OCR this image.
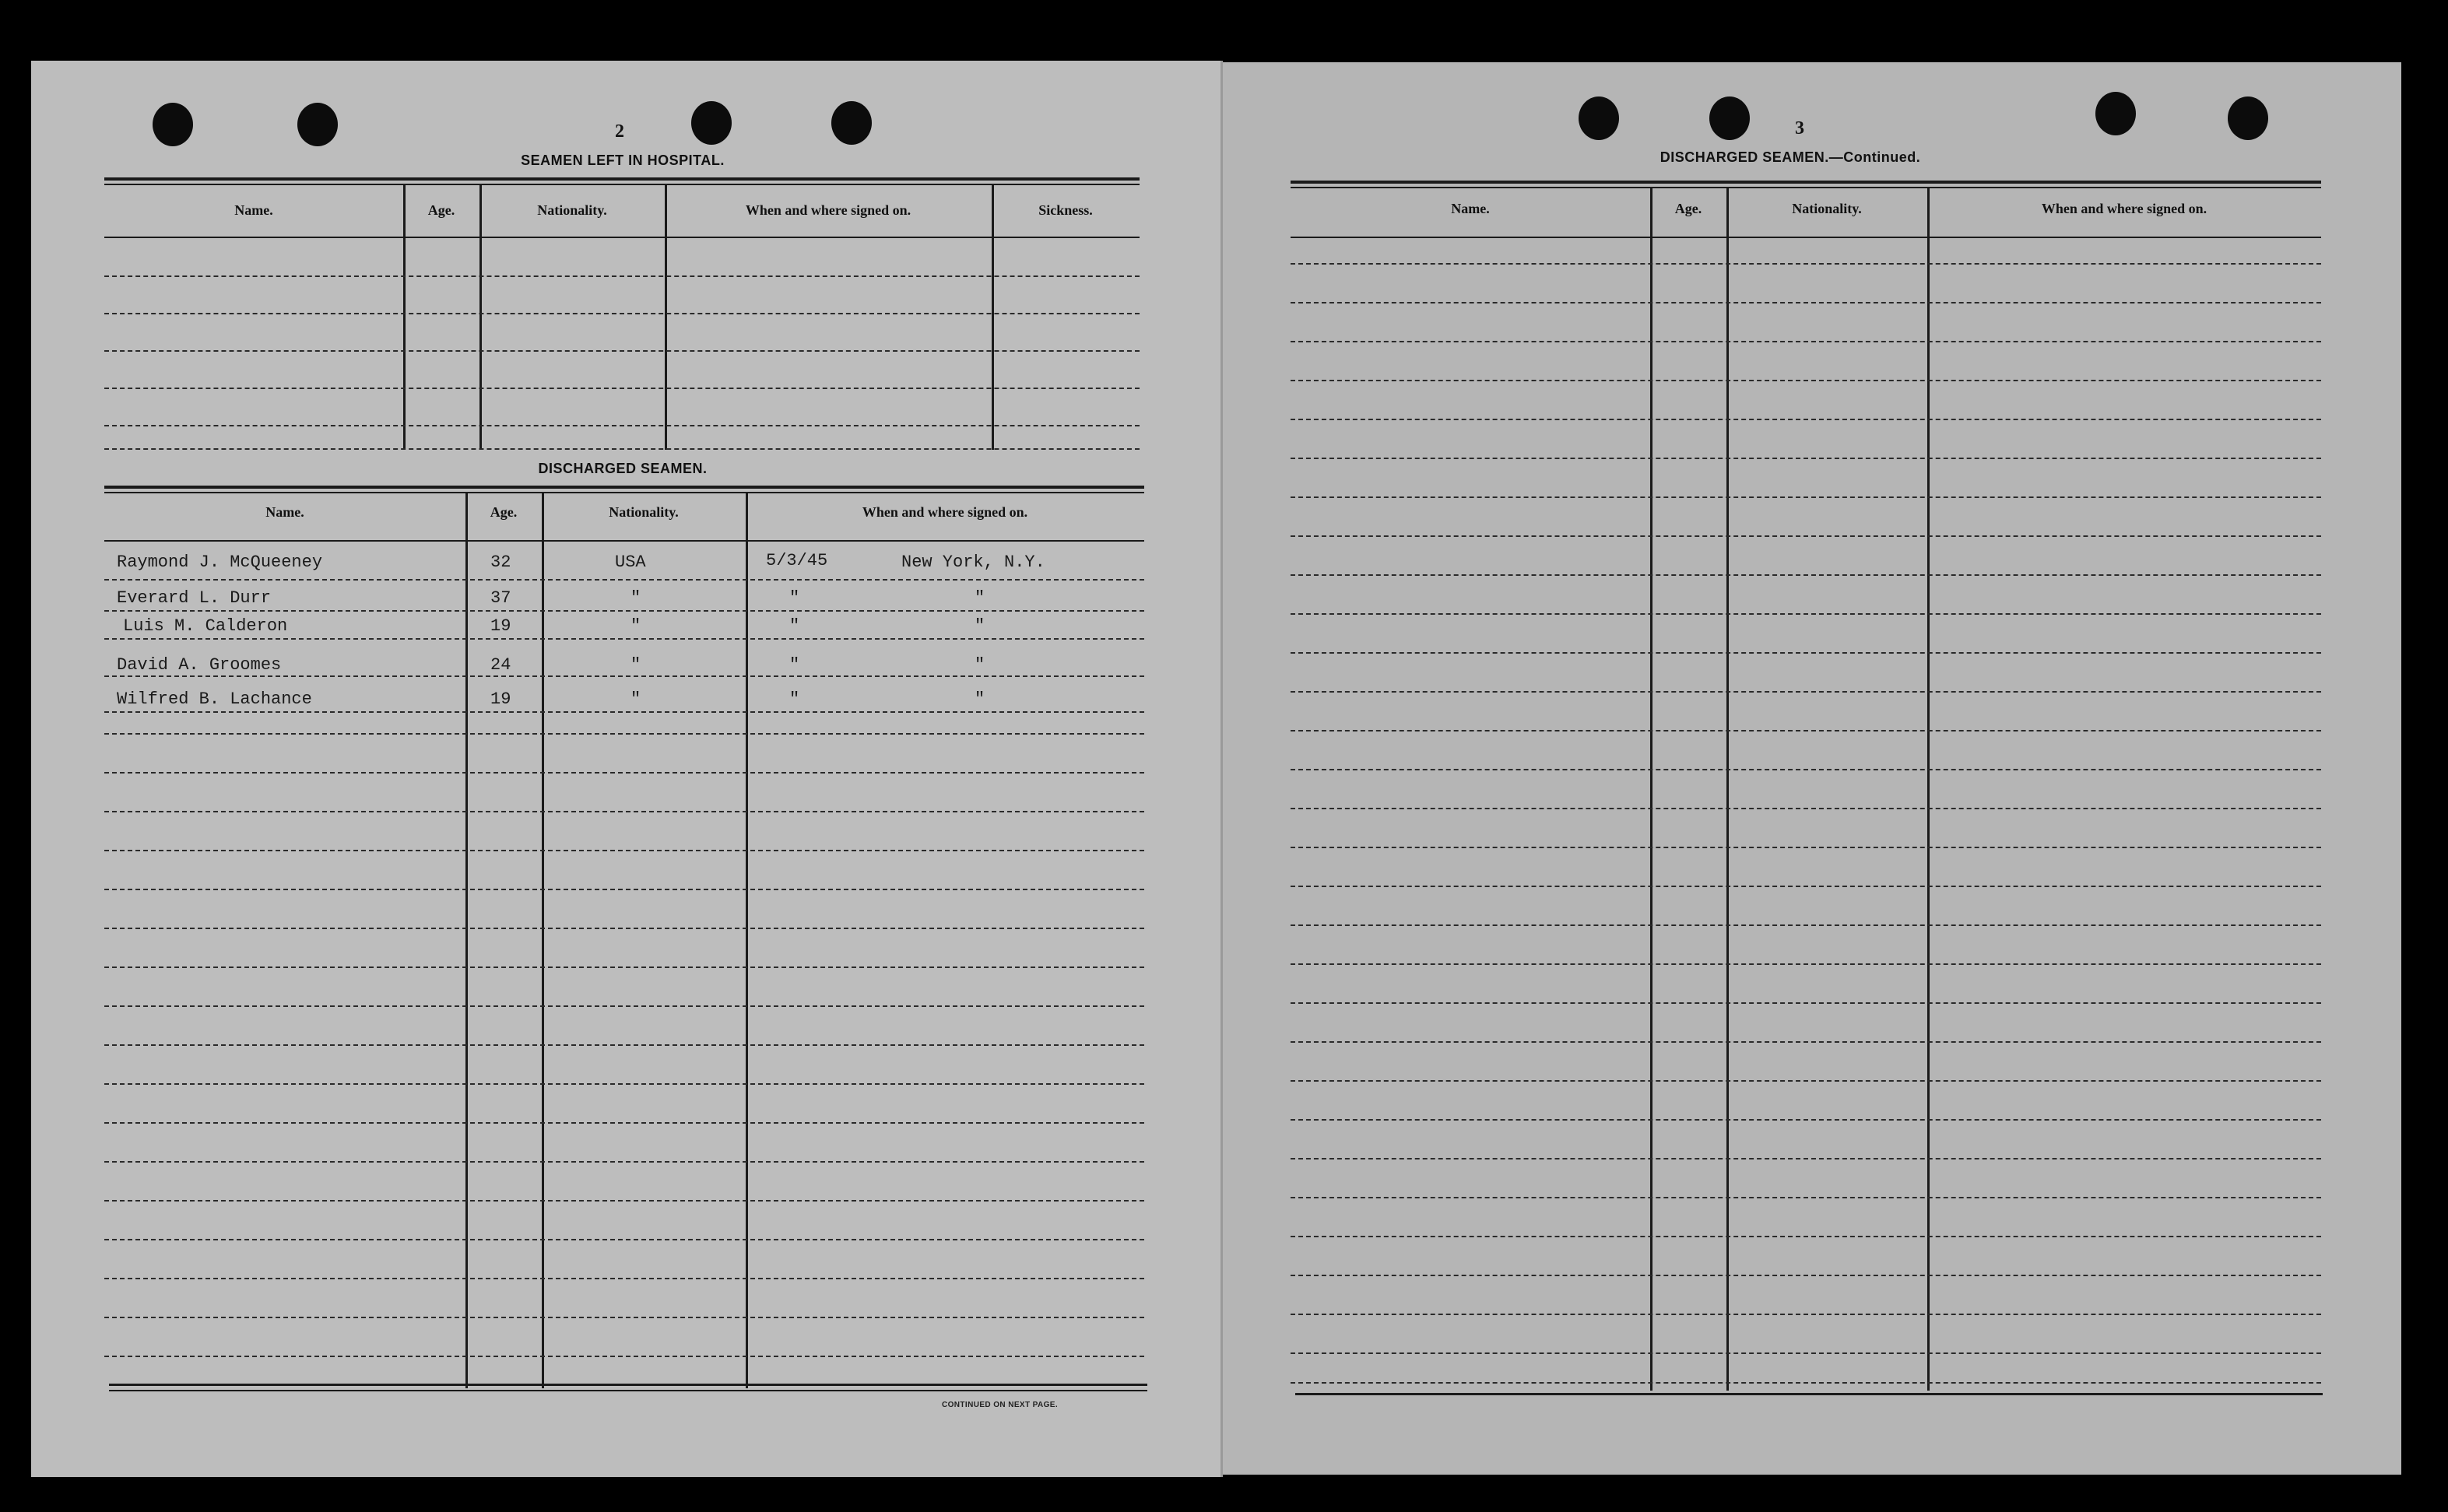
2
SEAMEN LEFT IN HOSPITAL.
Name.	Age.	Nationality.	When and where signed on.	Sickness.
DISCHARGED SEAMEN.
Name.	Age.	Nationality.	When and where signed on.
Raymond J. McQueeney	32	USA	5/3/45	New York, N.Y.
Everard L. Durr	37	"	"	"
Luis M. Calderon	19	"	"	"
David A. Groomes	24	"	"	"
Wilfred B. Lachance	19	"	"	"
CONTINUED ON NEXT PAGE.
3
DISCHARGED SEAMEN.—Continued.
Name.	Age.	Nationality.	When and where signed on.
